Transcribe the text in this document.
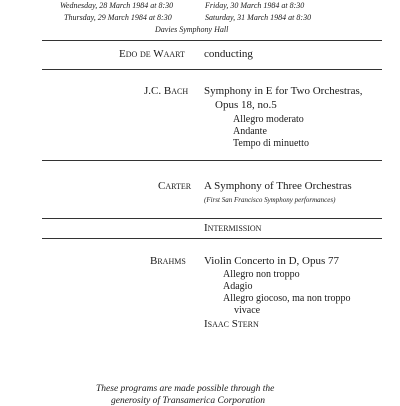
Wednesday, 28 March 1984 at 8:30	Friday, 30 March 1984 at 8:30
Thursday, 29 March 1984 at 8:30	Saturday, 31 March 1984 at 8:30
Davies Symphony Hall
Edo de Waart conducting
J.C. Bach Symphony in E for Two Orchestras,
Opus 18, no.5
Allegro moderato
Andante
Tempo di minuetto
Carter A Symphony of Three Orchestras
(First San Francisco Symphony performances)
Intermission
Brahms Violin Concerto in D, Opus 77
Allegro non troppo
Adagio
Allegro giocoso, ma non troppo
vivace
Isaac Stern
These programs are made possible through the
generosity of Transamerica Corporation
